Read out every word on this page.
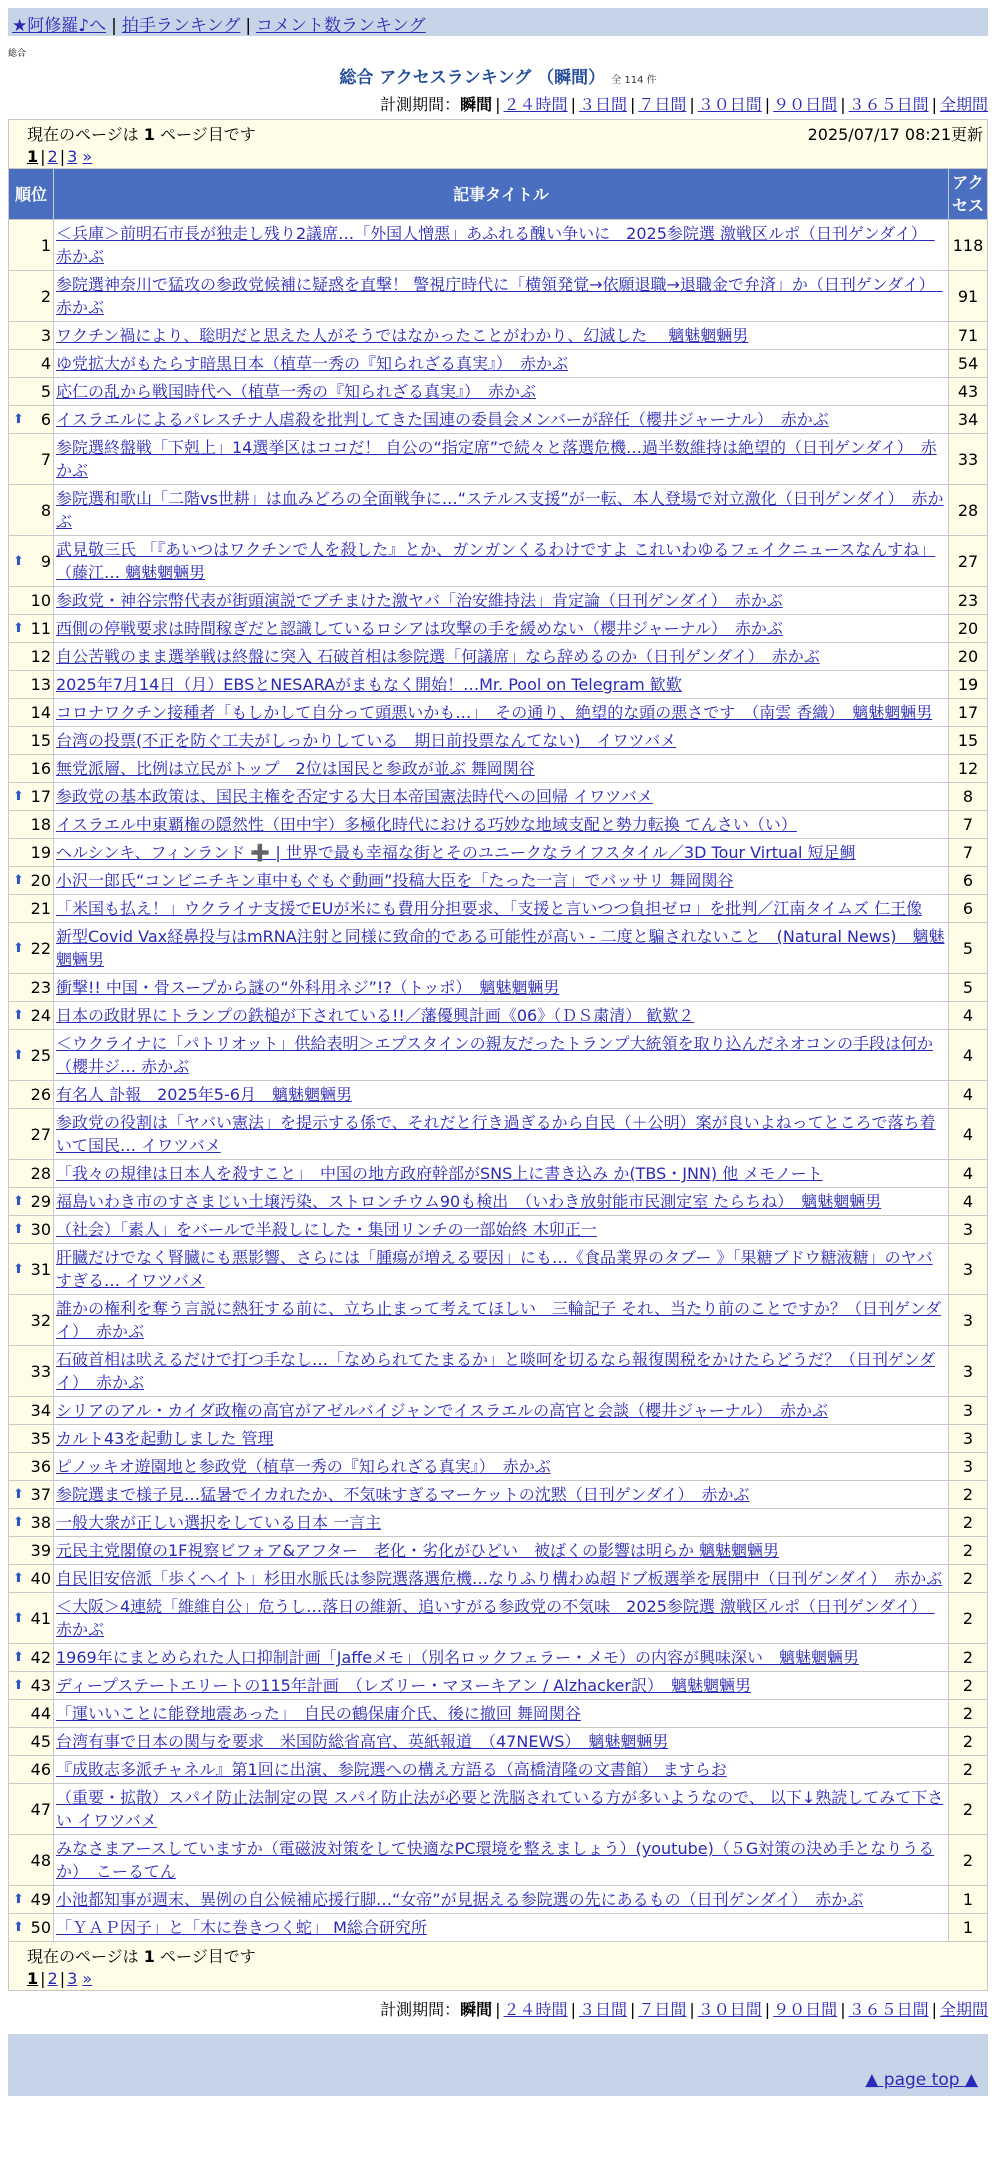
★阿修羅♪へ | 拍手ランキング | コメント数ランキング
総合
総合 アクセスランキング （瞬間） 全 114 件
計測期間：瞬間 | ２４時間 | ３日間 | ７日間 | ３０日間 | ９０日間 | ３６５日間 | 全期間
現在のページは 1 ページ目です	2025/07/17 08:21更新
1 | 2 | 3 »
順位	記事タイトル	アクセス
1	＜兵庫＞前明石市長が独走し残り2議席…「外国人憎悪」あふれる醜い争いに　2025参院選 激戦区ルポ（日刊ゲンダイ）　赤かぶ	118
2	参院選神奈川で猛攻の参政党候補に疑惑を直撃！ 警視庁時代に「横領発覚→依願退職→退職金で弁済」か（日刊ゲンダイ）　赤かぶ	91
3	ワクチン禍により、聡明だと思えた人がそうではなかったことがわかり、幻滅した　 魑魅魍魎男	71
4	ゆ党拡大がもたらす暗黒日本（植草一秀の『知られざる真実』）　赤かぶ	54
5	応仁の乱から戦国時代へ（植草一秀の『知られざる真実』）　赤かぶ	43

⬆ 6	イスラエルによるパレスチナ人虐殺を批判してきた国連の委員会メンバーが辞任（櫻井ジャーナル）　赤かぶ	34
7	参院選終盤戦「下剋上」14選挙区はココだ！ 自公の“指定席”で続々と落選危機…過半数維持は絶望的（日刊ゲンダイ）　赤かぶ	33
8	参院選和歌山「二階vs世耕」は血みどろの全面戦争に…“ステルス支援”が一転、本人登場で対立激化（日刊ゲンダイ）　赤かぶ	28

⬆ 9	武見敬三氏 「『あいつはワクチンで人を殺した』とか、ガンガンくるわけですよ これいわゆるフェイクニュースなんすね」（藤江… 魑魅魍魎男	27
10	参政党・神谷宗幣代表が街頭演説でブチまけた激ヤバ「治安維持法」肯定論（日刊ゲンダイ）　赤かぶ	23

⬆ 11	西側の停戦要求は時間稼ぎだと認識しているロシアは攻撃の手を緩めない（櫻井ジャーナル）　赤かぶ	20
12	自公苦戦のまま選挙戦は終盤に突入 石破首相は参院選「何議席」なら辞めるのか（日刊ゲンダイ）　赤かぶ	20
13	2025年7月14日（月）EBSとNESARAがまもなく開始！…Mr. Pool on Telegram 歓歎	19
14	コロナワクチン接種者「もしかして自分って頭悪いかも…」　その通り、絶望的な頭の悪さです　（南雲 香織）　魑魅魍魎男	17
15	台湾の投票(不正を防ぐ工夫がしっかりしている　期日前投票なんてない)　イワツバメ	15
16	無党派層、比例は立民がトップ　2位は国民と参政が並ぶ 舞岡関谷	12

⬆ 17	参政党の基本政策は、国民主権を否定する大日本帝国憲法時代への回帰 イワツバメ	8
18	イスラエル中東覇権の隠然性（田中宇）多極化時代における巧妙な地域支配と勢力転換 てんさい（い）	7
19	ヘルシンキ、フィンランド ➕ | 世界で最も幸福な街とそのユニークなライフスタイル／3D Tour Virtual 短足鯛	7

⬆ 20	小沢一郎氏“コンビニチキン車中もぐもぐ動画”投稿大臣を「たった一言」でバッサリ 舞岡関谷	6
21	「米国も払え！」ウクライナ支援でEUが米にも費用分担要求、「支援と言いつつ負担ゼロ」を批判／江南タイムズ 仁王像	6

⬆ 22	新型Covid Vax経鼻投与はmRNA注射と同様に致命的である可能性が高い - 二度と騙されないこと　(Natural News)　魑魅魍魎男	5
23	衝撃!! 中国・骨スープから謎の“外科用ネジ”!?（トッポ）　魑魅魍魎男	5

⬆ 24	日本の政財界にトランプの鉄槌が下されている!!／藩優興計画《06》（ＤＳ粛清） 歓歎２	4

⬆ 25	＜ウクライナに「パトリオット」供給表明＞エプスタインの親友だったトランプ大統領を取り込んだネオコンの手段は何か（櫻井ジ… 赤かぶ	4
26	有名人 訃報　2025年5-6月　魑魅魍魎男	4
27	参政党の役割は「ヤバい憲法」を提示する係で、それだと行き過ぎるから自民（＋公明）案が良いよねってところで落ち着いて国民… イワツバメ	4
28	「我々の規律は日本人を殺すこと」　中国の地方政府幹部がSNS上に書き込み か(TBS・JNN) 他 メモノート	4

⬆ 29	福島いわき市のすさまじい土壌汚染、ストロンチウム90も検出　（いわき放射能市民測定室 たらちね）　魑魅魍魎男	4

⬆ 30	（社会）「素人」をバールで半殺しにした・集団リンチの一部始終 木卯正一	3

⬆ 31	肝臓だけでなく腎臓にも悪影響、さらには「腫瘍が増える要因」にも…《食品業界のタブー 》「果糖ブドウ糖液糖」のヤバすぎる… イワツバメ	3
32	誰かの権利を奪う言説に熱狂する前に、立ち止まって考えてほしい　三輪記子 それ、当たり前のことですか？（日刊ゲンダイ）　赤かぶ	3
33	石破首相は吠えるだけで打つ手なし…「なめられてたまるか」と啖呵を切るなら報復関税をかけたらどうだ？（日刊ゲンダイ）　赤かぶ	3
34	シリアのアル・カイダ政権の高官がアゼルバイジャンでイスラエルの高官と会談（櫻井ジャーナル）　赤かぶ	3
35	カルト43を起動しました 管理	3
36	ピノッキオ遊園地と参政党（植草一秀の『知られざる真実』）　赤かぶ	3

⬆ 37	参院選まで様子見…猛暑でイカれたか、不気味すぎるマーケットの沈黙（日刊ゲンダイ）　赤かぶ	2

⬆ 38	一般大衆が正しい選択をしている日本 一言主	2
39	元民主党閣僚の1F視察ビフォア&アフター　老化・劣化がひどい　被ばくの影響は明らか 魑魅魍魎男	2

⬆ 40	自民旧安倍派「歩くヘイト」杉田水脈氏は参院選落選危機…なりふり構わぬ超ドブ板選挙を展開中（日刊ゲンダイ）　赤かぶ	2

⬆ 41	＜大阪＞4連続「維維自公」危うし…落日の維新、追いすがる参政党の不気味　2025参院選 激戦区ルポ（日刊ゲンダイ）　赤かぶ	2

⬆ 42	1969年にまとめられた人口抑制計画「Jaffeメモ」（別名ロックフェラー・メモ）の内容が興味深い　魑魅魍魎男	2

⬆ 43	ディープステートエリートの115年計画　（レズリー・マヌーキアン / Alzhacker訳）　魑魅魍魎男	2
44	「運いいことに能登地震あった」　自民の鶴保庸介氏、後に撤回 舞岡関谷	2
45	台湾有事で日本の関与を要求　米国防総省高官、英紙報道　（47NEWS）　魑魅魍魎男	2
46	『成敗志多派チャネル』第1回に出演、参院選への構え方語る（高橋清隆の文書館） ますらお	2
47	（重要・拡散）スパイ防止法制定の罠 スパイ防止法が必要と洗脳されている方が多いようなので、 以下↓熟読してみて下さい イワツバメ	2
48	みなさまアースしていますか（電磁波対策をして快適なPC環境を整えましょう）(youtube)（５G対策の決め手となりうるか）　こーるてん	2

⬆ 49	小池都知事が週末、異例の自公候補応援行脚…“女帝”が見据える参院選の先にあるもの（日刊ゲンダイ）　赤かぶ	1

⬆ 50	「ＹＡＰ因子」と「木に巻きつく蛇」 M総合研究所	1
現在のページは 1 ページ目です
1 | 2 | 3 »
計測期間：瞬間 | ２４時間 | ３日間 | ７日間 | ３０日間 | ９０日間 | ３６５日間 | 全期間
▲ page top ▲
